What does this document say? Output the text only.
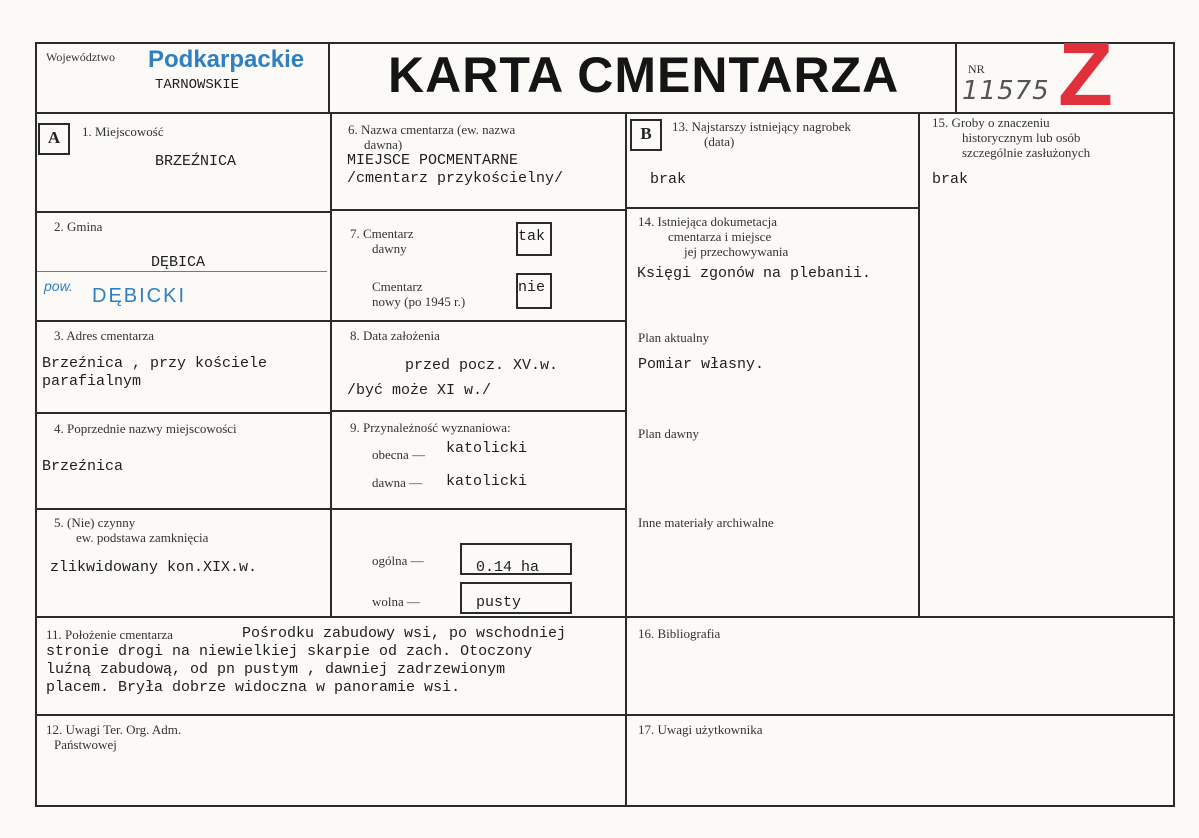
Województwo Podkarpackie
TARNOWSKIE	KARTA CMENTARZA	NR
11575 Z
A	B
1. Miejscowość
BRZEŹNICA
2. Gmina
DĘBICA
pow. DĘBICKI
3. Adres cmentarza
Brzeźnica , przy kościele
parafialnym
4. Poprzednie nazwy miejscowości
Brzeźnica
5. (Nie) czynny
ew. podstawa zamknięcia
zlikwidowany kon.XIX.w.
6. Nazwa cmentarza (ew. nazwa
dawna)
MIEJSCE POCMENTARNE
/cmentarz przykościelny/
7. Cmentarz
dawny
tak
Cmentarz
nowy (po 1945 r.)
nie
8. Data założenia
przed pocz. XV.w.
/być może XI w./
9. Przynależność wyznaniowa:
obecna — katolicki
dawna — katolicki
ogólna —	0.14 ha
wolna —	pusty
13. Najstarszy istniejący nagrobek
(data)
brak
14. Istniejąca dokumetacja
cmentarza i miejsce
jej przechowywania
Księgi zgonów na plebanii.
Plan aktualny
Pomiar własny.
Plan dawny
Inne materiały archiwalne
15. Groby o znaczeniu
historycznym lub osób
szczególnie zasłużonych
brak
11. Położenie cmentarza	Pośrodku zabudowy wsi, po wschodniej
stronie drogi na niewielkiej skarpie od zach. Otoczony
luźną zabudową, od pn pustym , dawniej zadrzewionym
placem. Bryła dobrze widoczna w panoramie wsi.
16. Bibliografia
12. Uwagi Ter. Org. Adm.
Państwowej
17. Uwagi użytkownika
